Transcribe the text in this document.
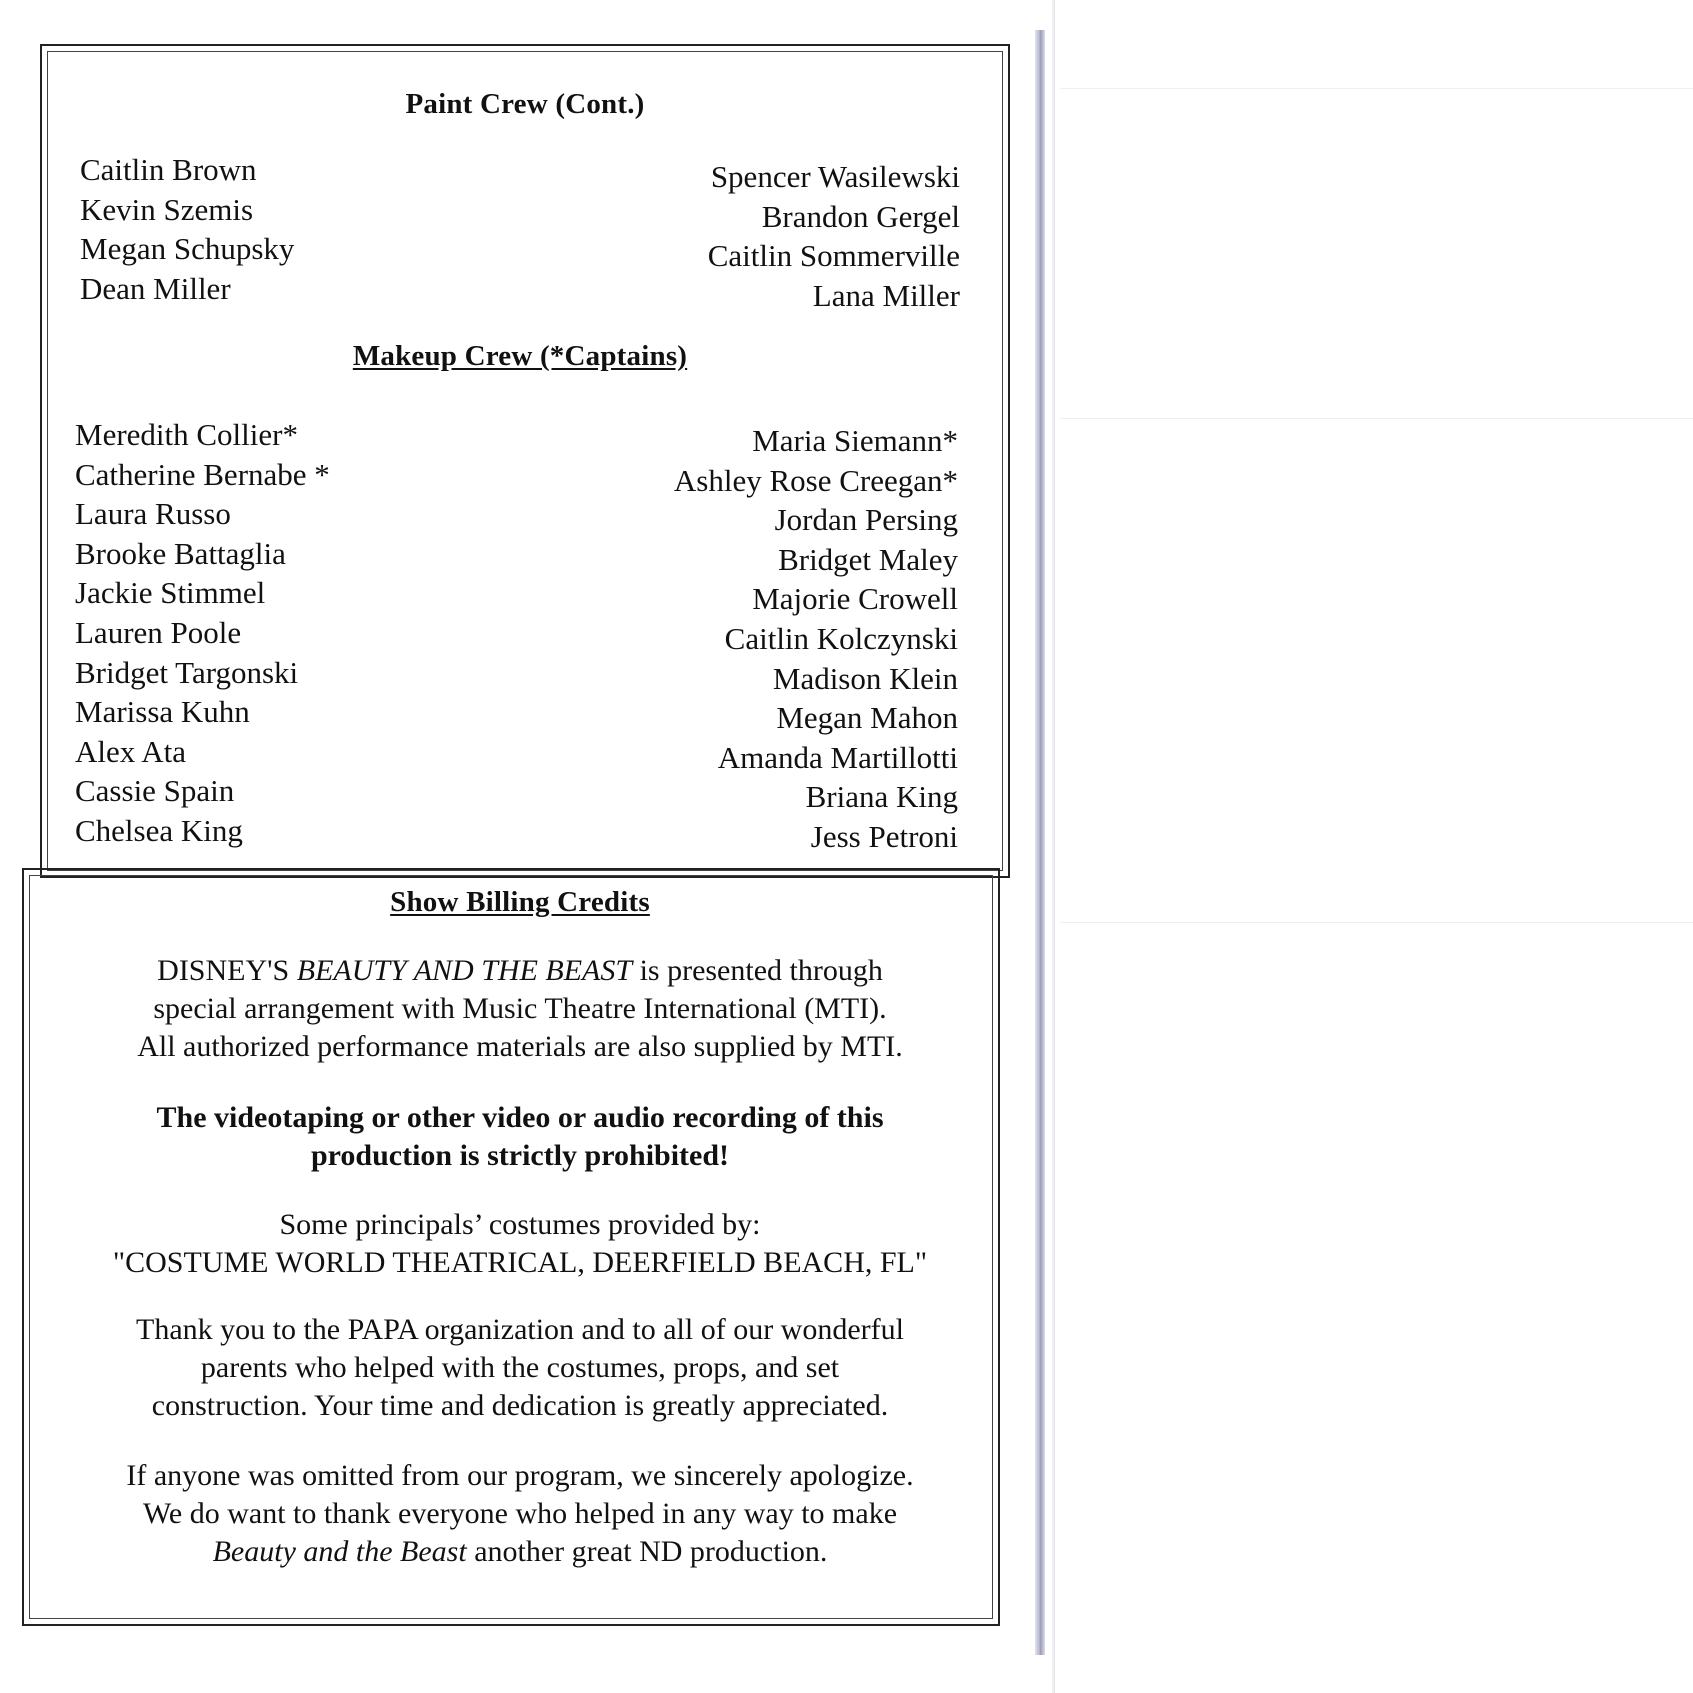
Paint Crew (Cont.)
Caitlin Brown
Kevin Szemis
Megan Schupsky
Dean Miller
Spencer Wasilewski
Brandon Gergel
Caitlin Sommerville
Lana Miller
Makeup Crew (*Captains)
Meredith Collier*
Catherine Bernabe *
Laura Russo
Brooke Battaglia
Jackie Stimmel
Lauren Poole
Bridget Targonski
Marissa Kuhn
Alex Ata
Cassie Spain
Chelsea King
Maria Siemann*
Ashley Rose Creegan*
Jordan Persing
Bridget Maley
Majorie Crowell
Caitlin Kolczynski
Madison Klein
Megan Mahon
Amanda Martillotti
Briana King
Jess Petroni
Show Billing Credits
DISNEY'S BEAUTY AND THE BEAST is presented through
special arrangement with Music Theatre International (MTI).
All authorized performance materials are also supplied by MTI.
The videotaping or other video or audio recording of this
production is strictly prohibited!
Some principals’ costumes provided by:
"COSTUME WORLD THEATRICAL, DEERFIELD BEACH, FL"
Thank you to the PAPA organization and to all of our wonderful
parents who helped with the costumes, props, and set
construction. Your time and dedication is greatly appreciated.
If anyone was omitted from our program, we sincerely apologize.
We do want to thank everyone who helped in any way to make
Beauty and the Beast another great ND production.
